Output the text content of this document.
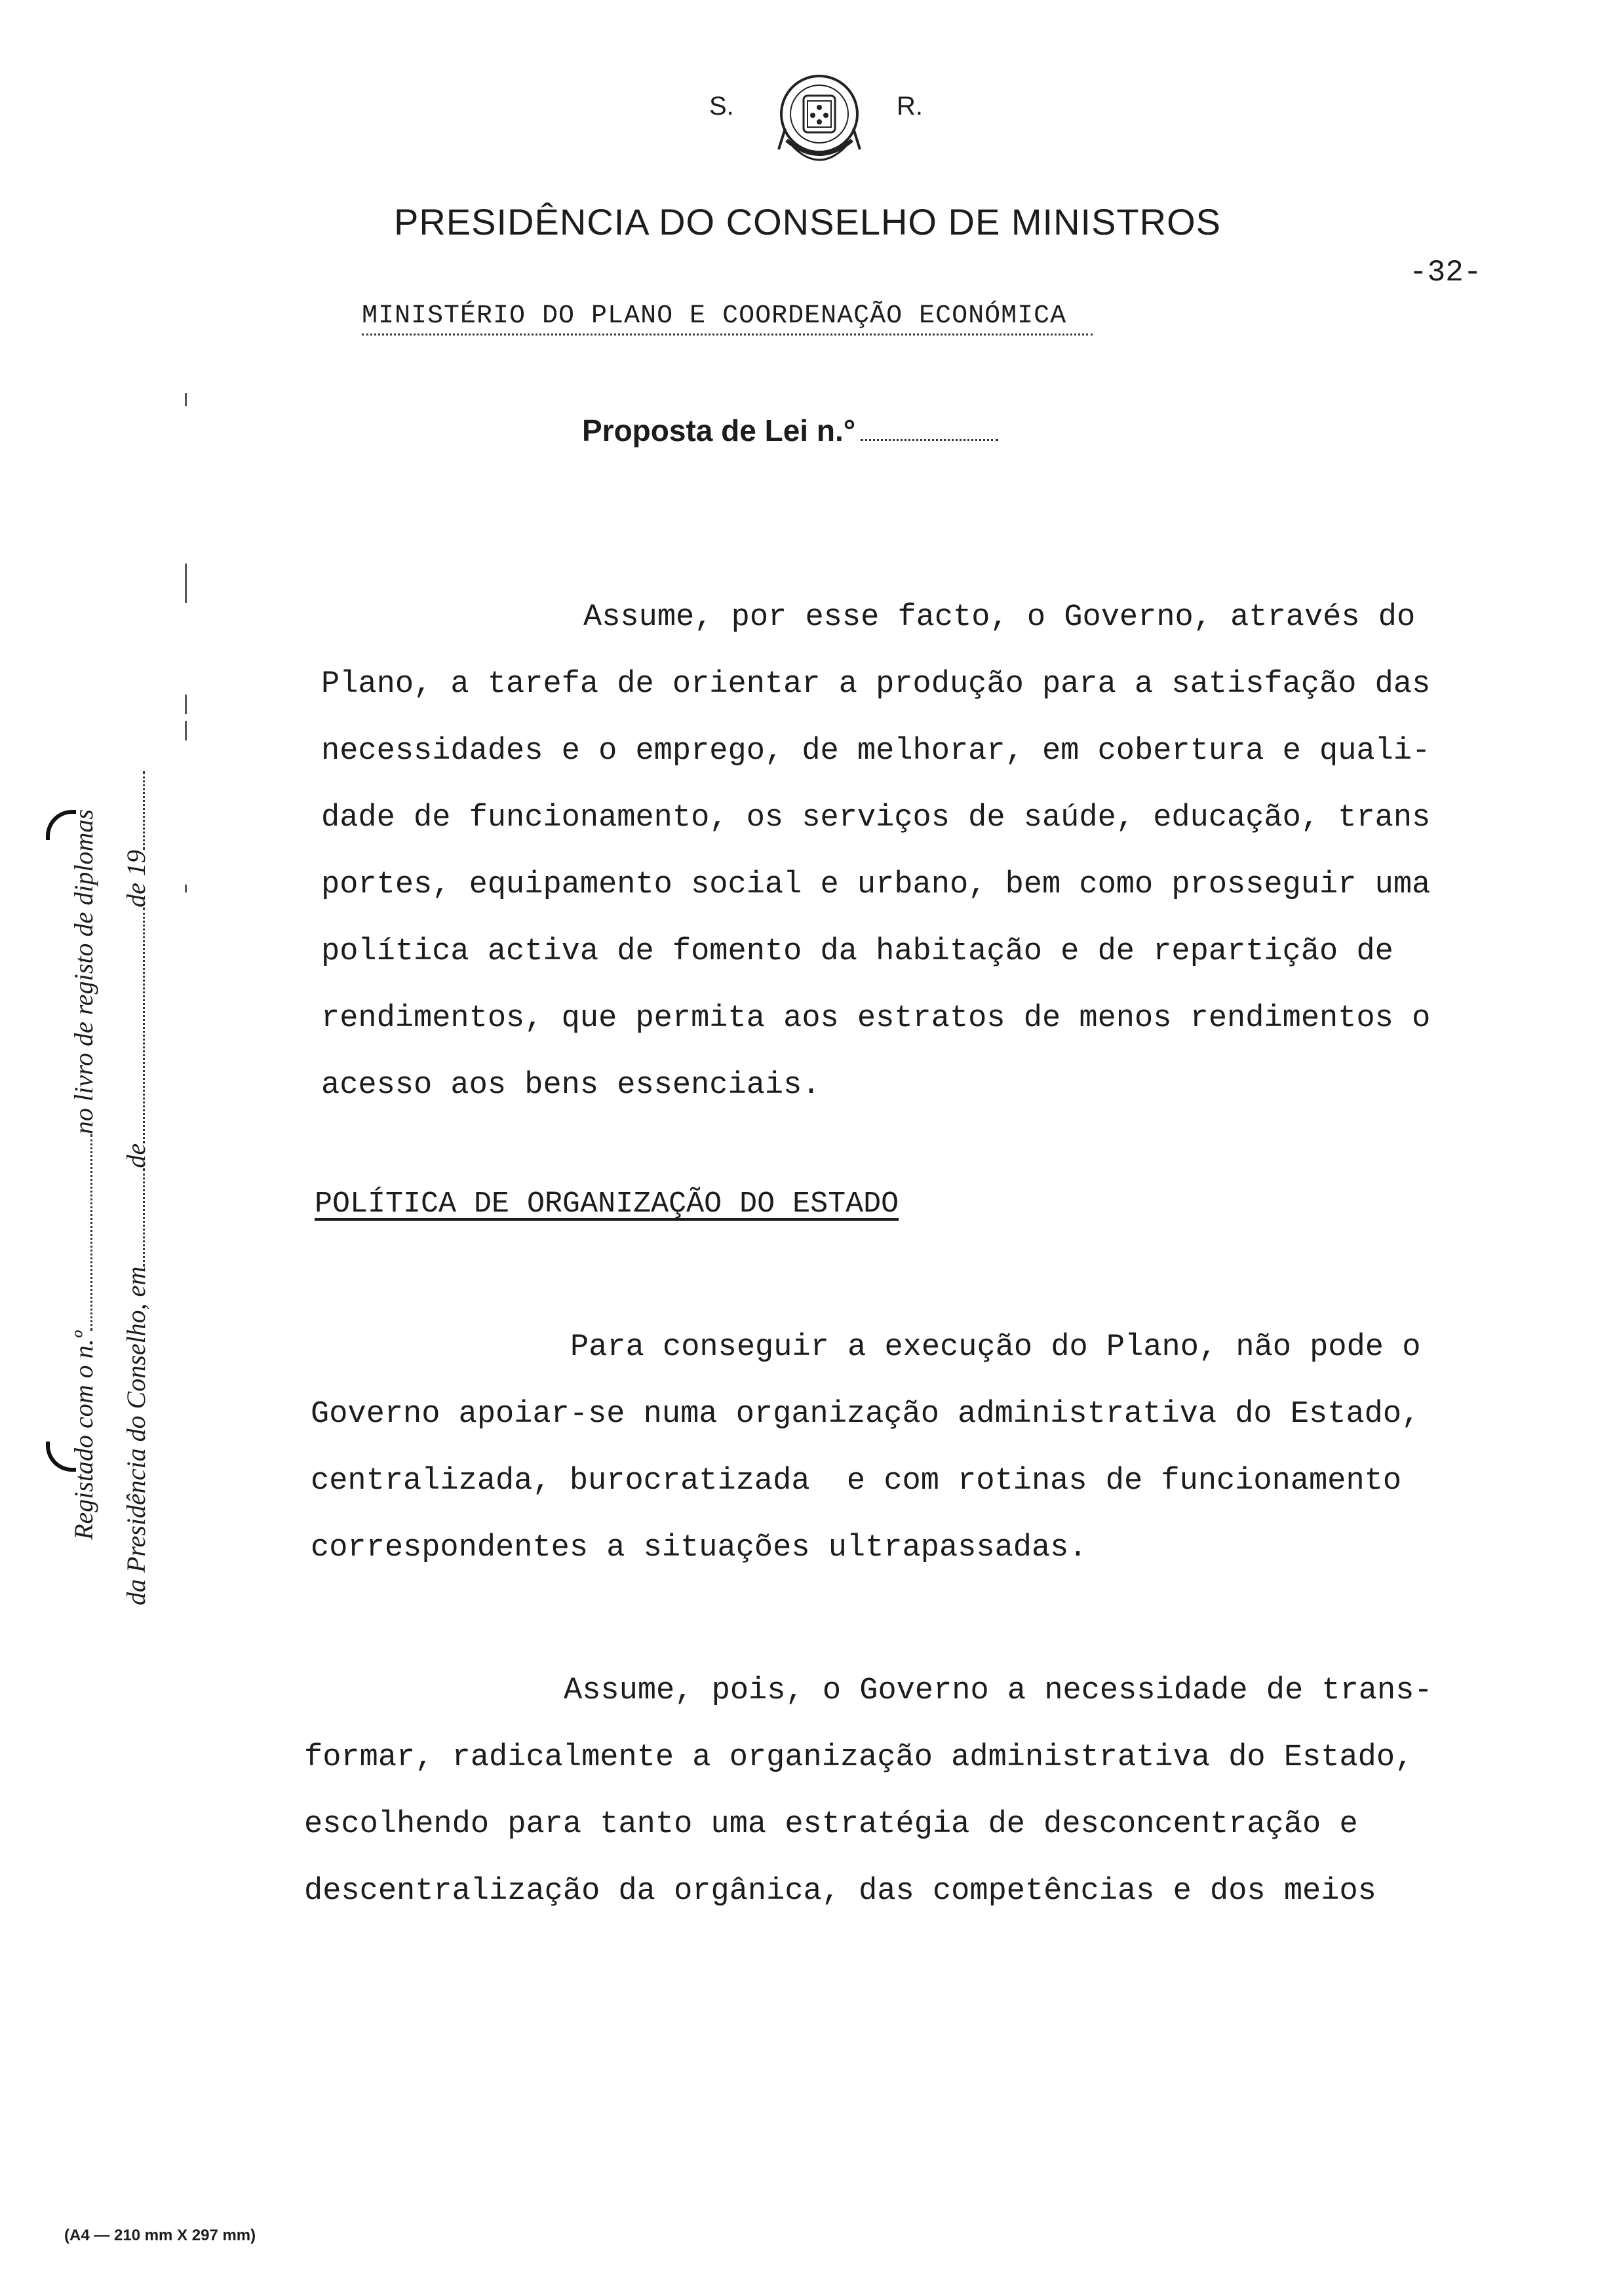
S.	R.
PRESIDÊNCIA DO CONSELHO DE MINISTROS
-32-
MINISTÉRIO DO PLANO E COORDENAÇÃO ECONÓMICA
Proposta de Lei n.°

Assume, por esse facto, o Governo, através do

Plano, a tarefa de orientar a produção para a satisfação das

necessidades e o emprego, de melhorar, em cobertura e quali-

dade de funcionamento, os serviços de saúde, educação, trans

portes, equipamento social e urbano, bem como prosseguir uma

política activa de fomento da habitação e de repartição de

rendimentos, que permita aos estratos de menos rendimentos o

acesso aos bens essenciais.

POLÍTICA DE ORGANIZAÇÃO DO ESTADO

Para conseguir a execução do Plano, não pode o

Governo apoiar-se numa organização administrativa do Estado,

centralizada, burocratizada  e com rotinas de funcionamento

correspondentes a situações ultrapassadas.

Assume, pois, o Governo a necessidade de trans-

formar, radicalmente a organização administrativa do Estado,

escolhendo para tanto uma estratégia de desconcentração e

descentralização da orgânica, das competências e dos meios

Registado com o n.ºno livro de registo de diplomas
da Presidência do Conselho, emdede 19
(A4 — 210 mm X 297 mm)
